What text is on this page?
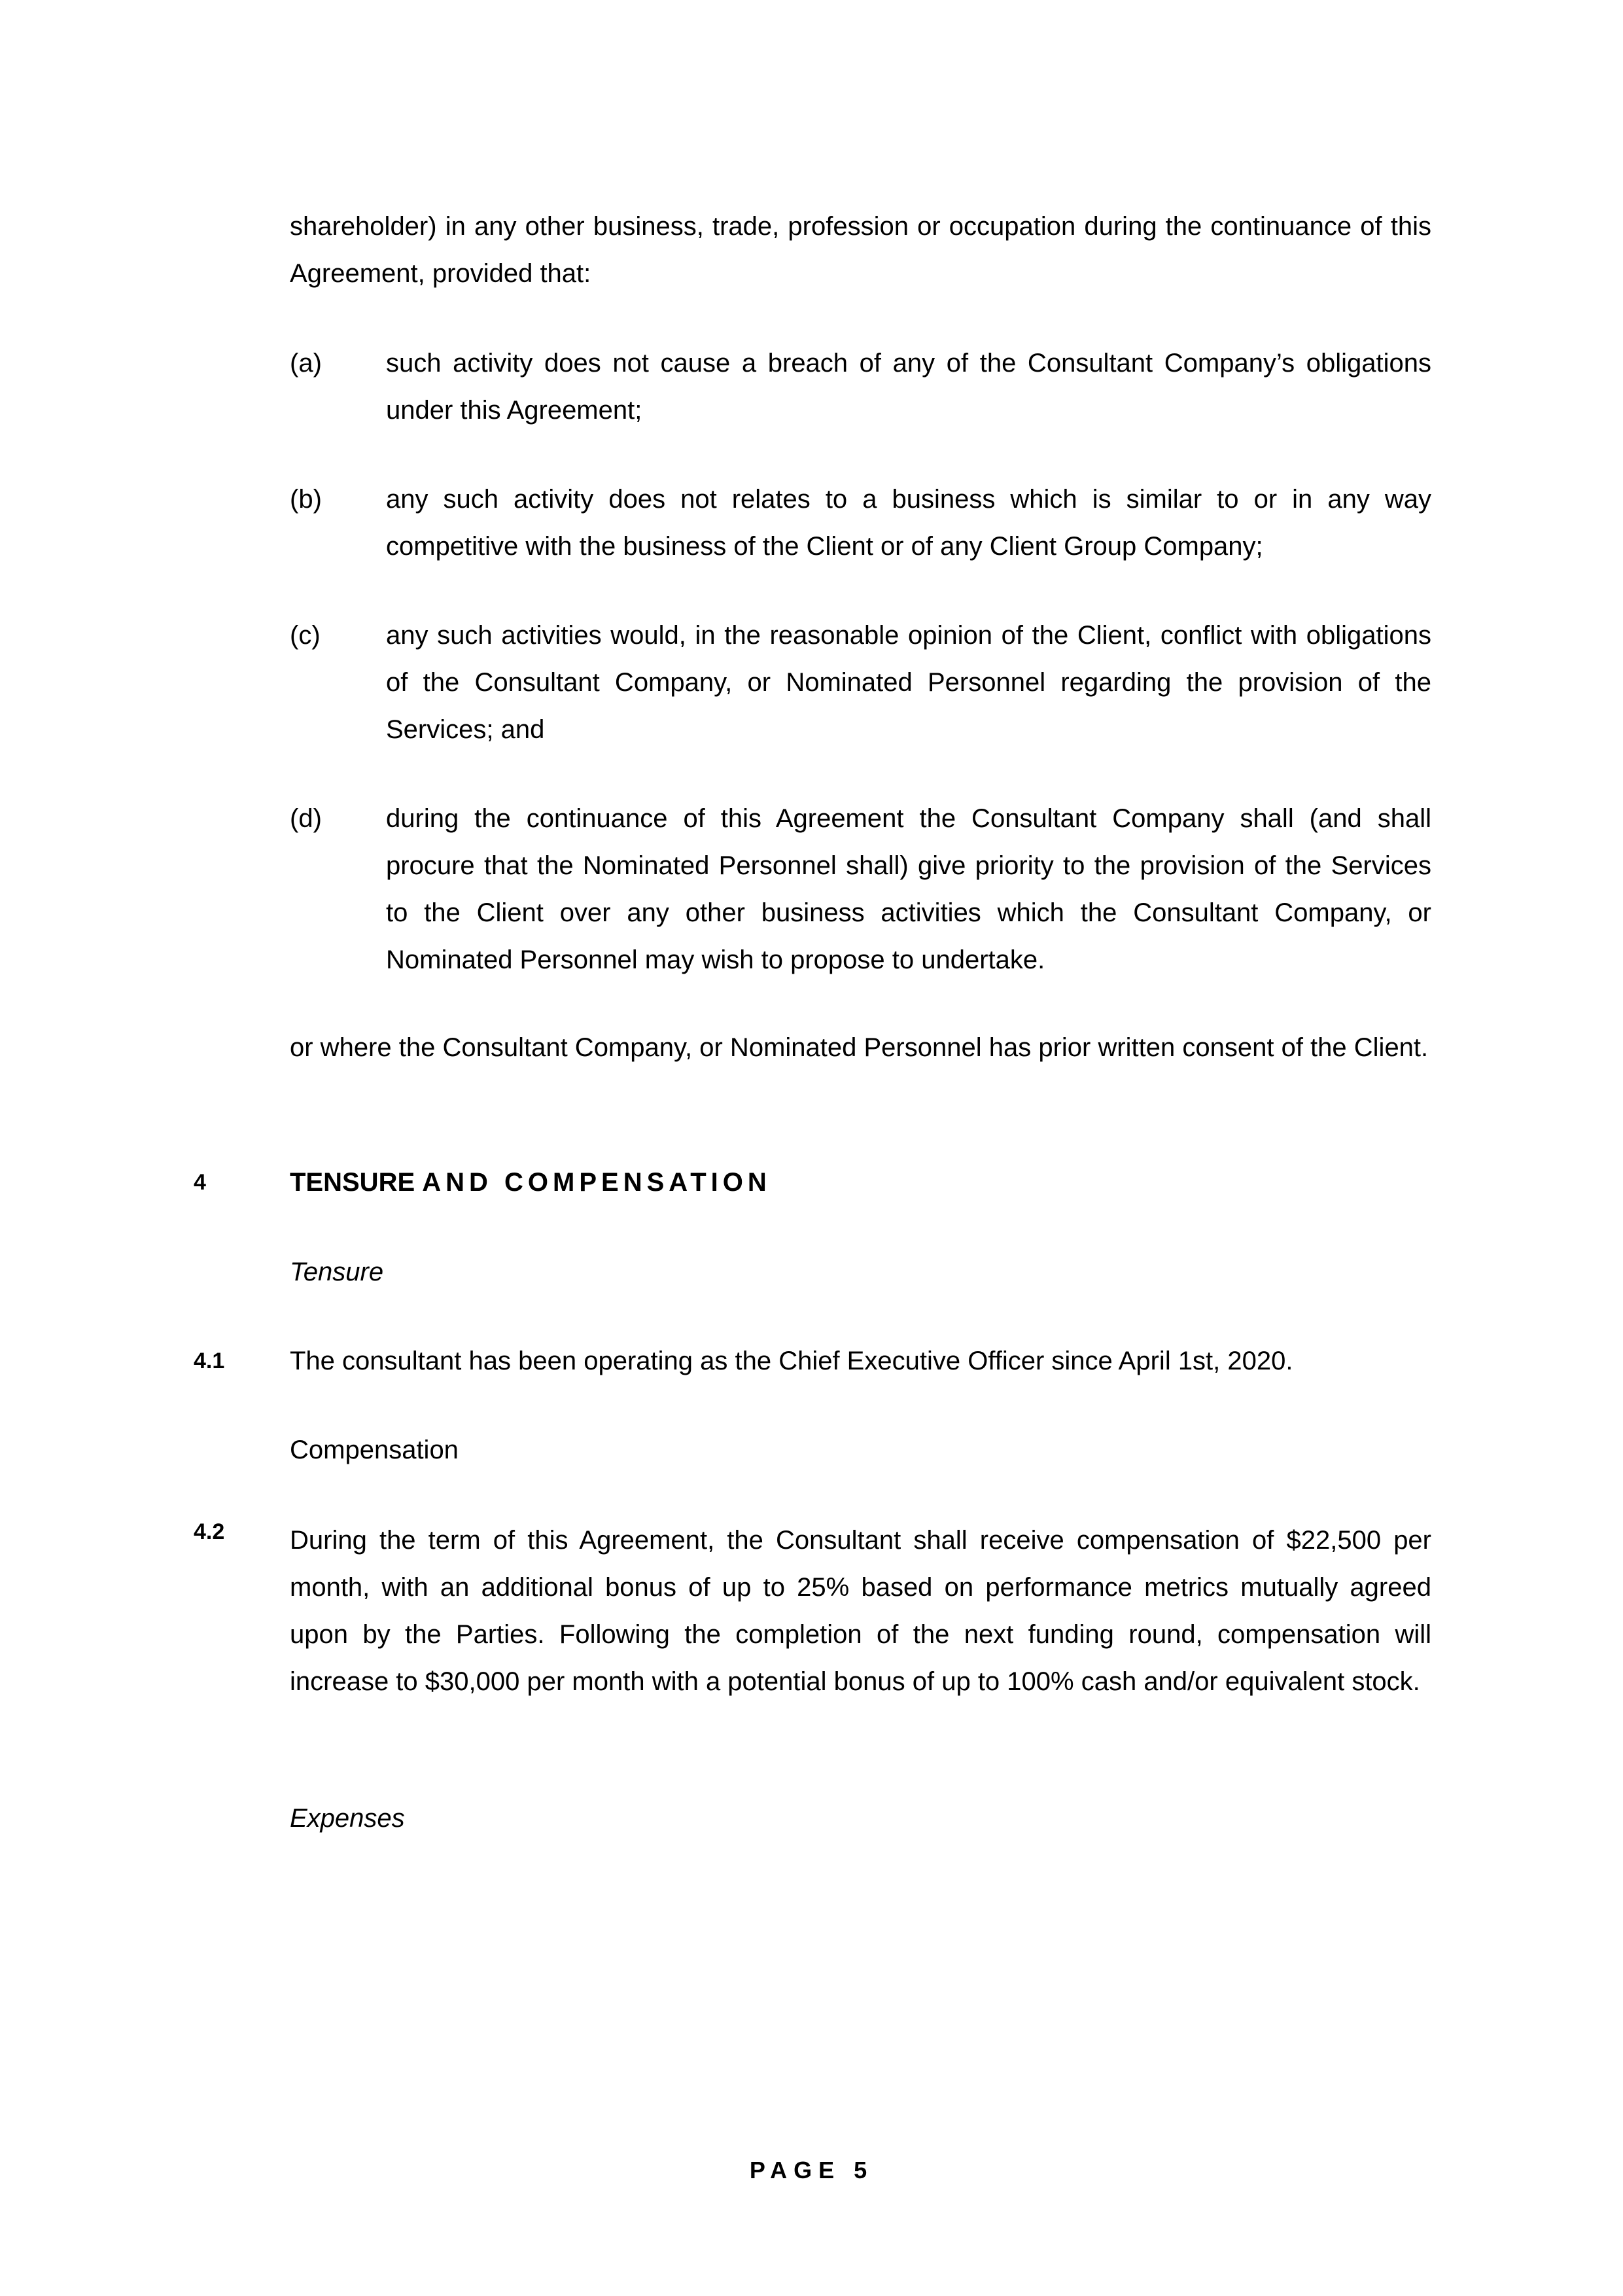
shareholder) in any other business, trade, profession or occupation during the continuance of this Agreement, provided that:

(a) such activity does not cause a breach of any of the Consultant Company’s obligations under this Agreement;

(b) any such activity does not relates to a business which is similar to or in any way competitive with the business of the Client or of any Client Group Company;

(c)	any such activities would, in the reasonable opinion of the Client, conflict with obligations of the Consultant Company, or Nominated Personnel regarding the provision of the Services; and

(d) during the continuance of this Agreement the Consultant Company shall (and shall procure that the Nominated Personnel shall) give priority to the provision of the Services to the Client over any other business activities which the Consultant Company, or Nominated Personnel may wish to propose to undertake.

or where the Consultant Company, or Nominated Personnel has prior written consent of the Client.

4	TENSURE AND COMPENSATION
Tensure
4.1 The consultant has been operating as the Chief Executive Officer since April 1st, 2020.

Compensation
4.2 During the term of this Agreement, the Consultant shall receive compensation of $22,500 per month, with an additional bonus of up to 25% based on performance metrics mutually agreed upon by the Parties. Following the completion of the next funding round, compensation will increase to $30,000 per month with a potential bonus of up to 100% cash and/or equivalent stock.

Expenses
PAGE 5
